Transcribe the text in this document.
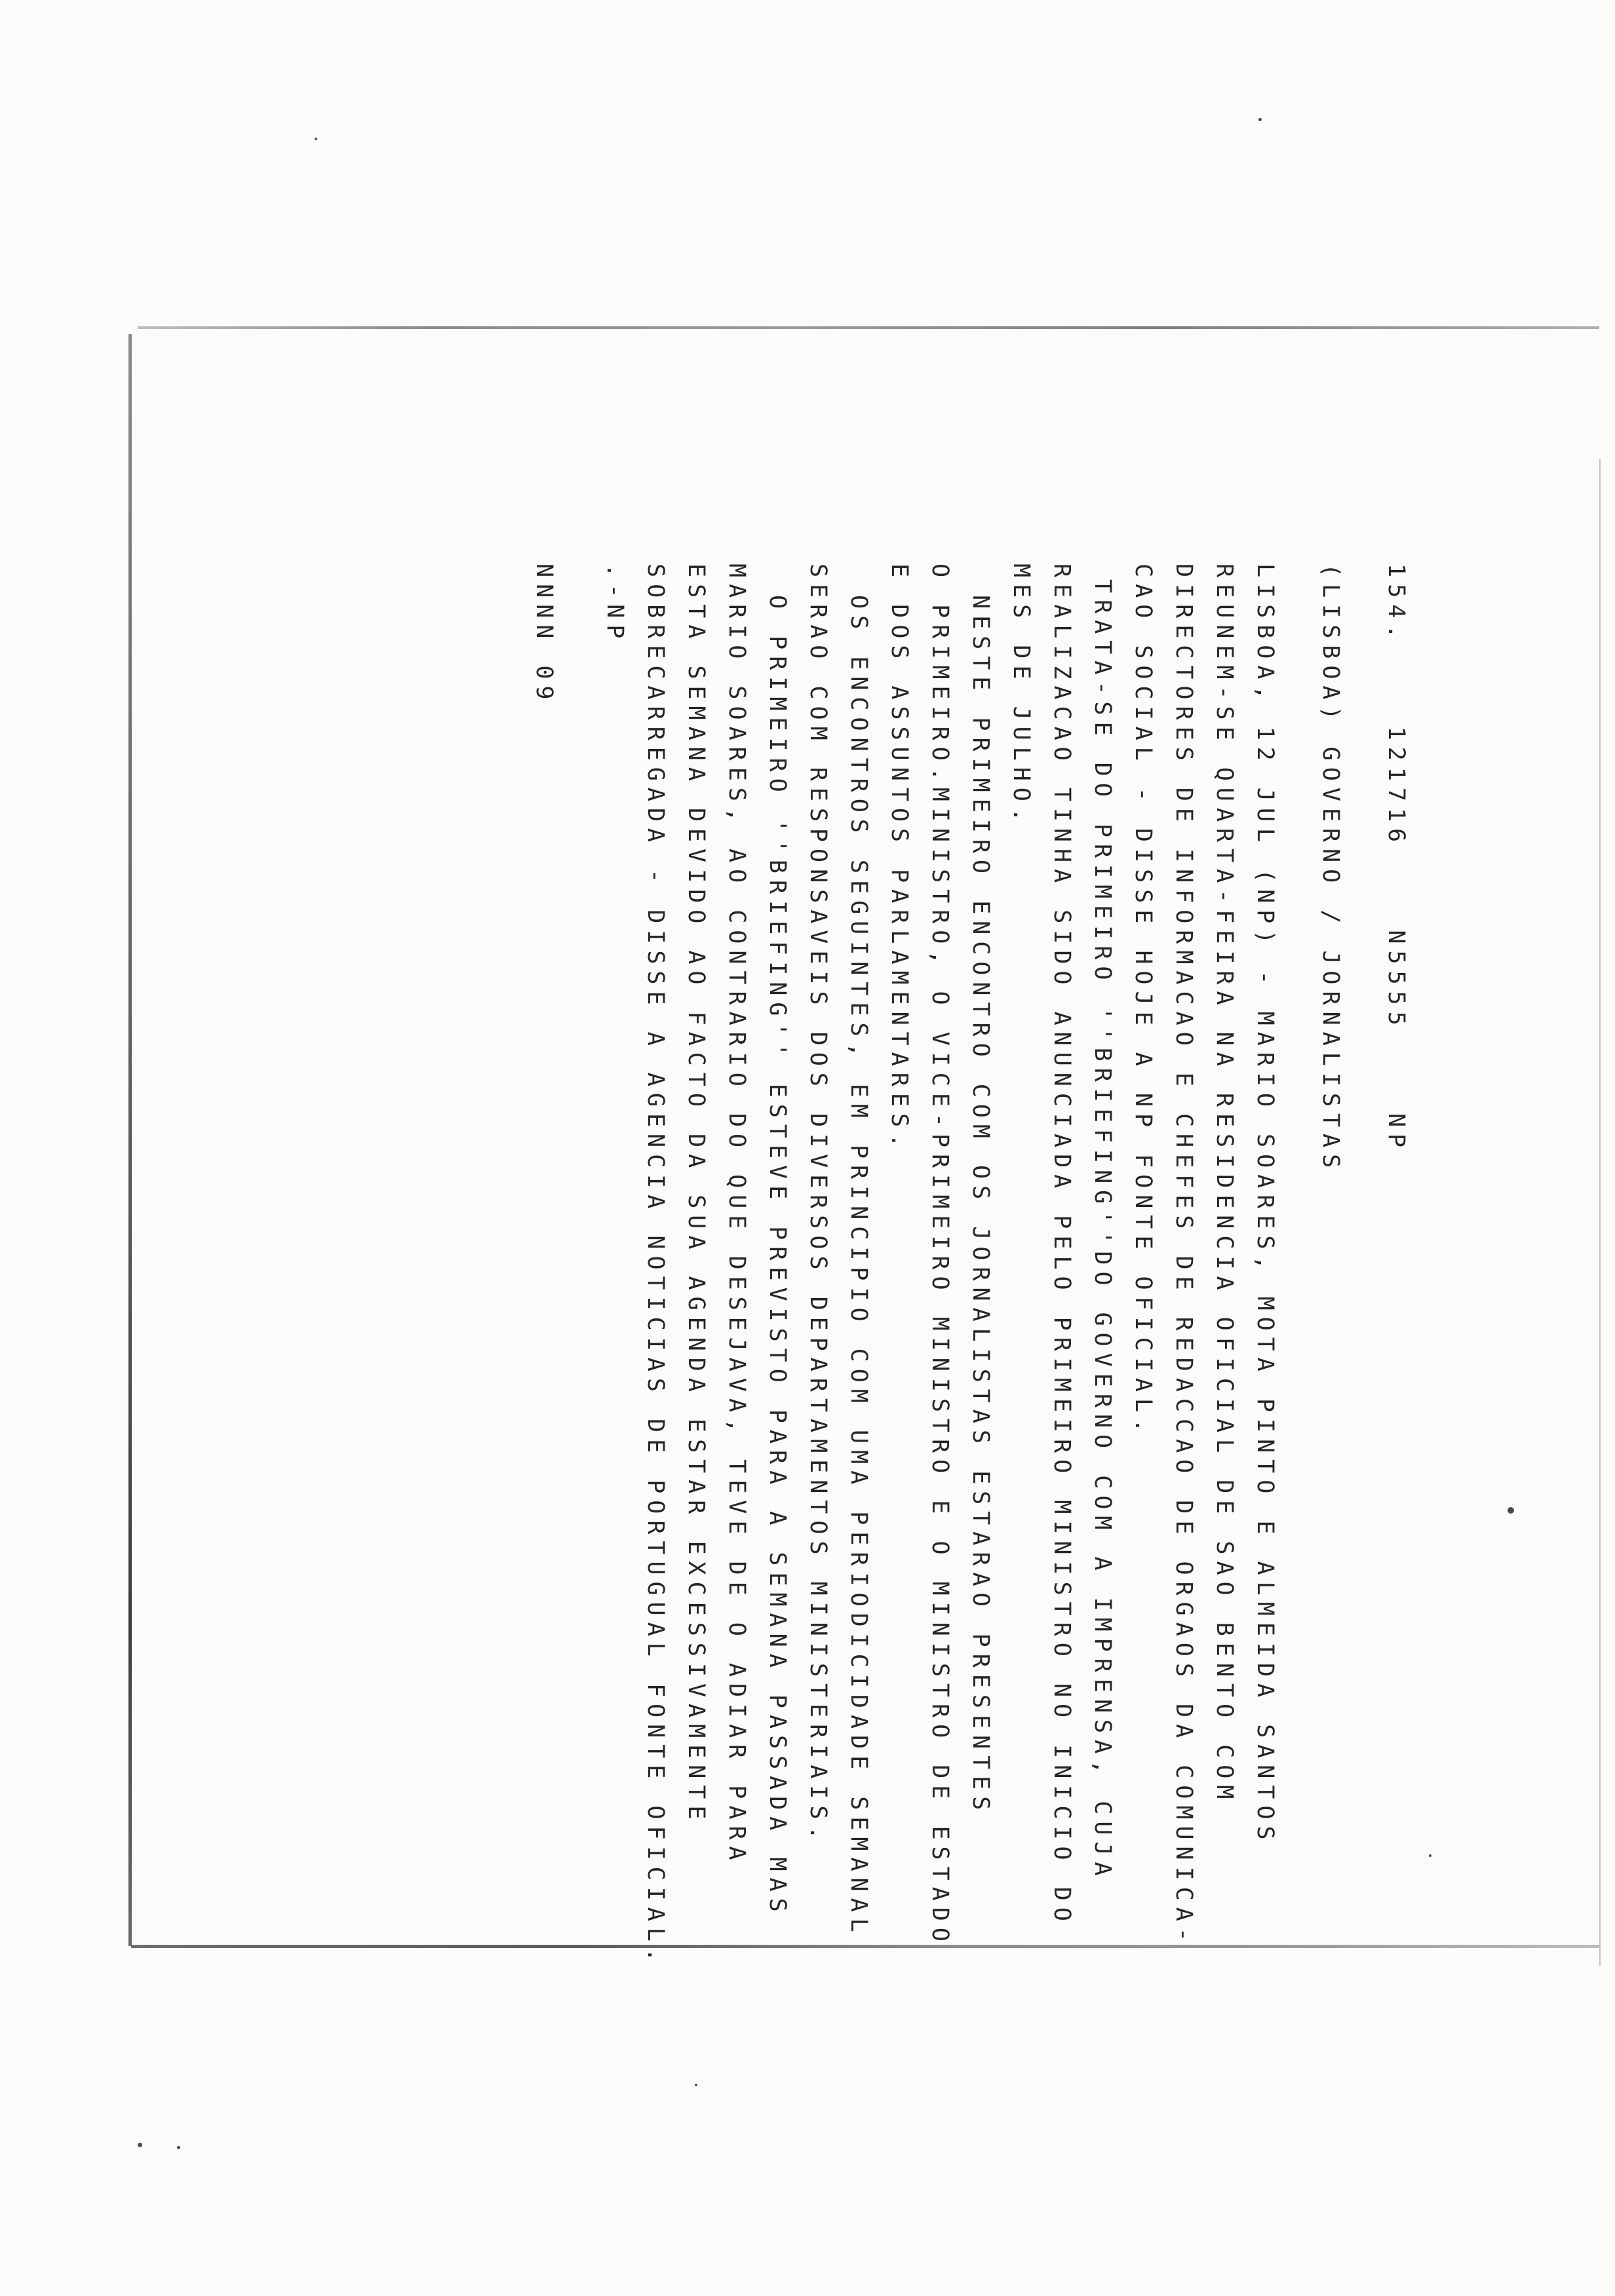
154.    121716    N5555    NP
(LISBOA) GOVERNO / JORNALISTAS
LISBOA, 12 JUL (NP) - MARIO SOARES, MOTA PINTO E ALMEIDA SANTOS
REUNEM-SE QUARTA-FEIRA NA RESIDENCIA OFICIAL DE SAO BENTO COM
DIRECTORES DE INFORMACAO E CHEFES DE REDACCAO DE ORGAOS DA COMUNICA-
CAO SOCIAL - DISSE HOJE A NP FONTE OFICIAL.
TRATA-SE DO PRIMEIRO ''BRIEFING''DO GOVERNO COM A IMPRENSA, CUJA
REALIZACAO TINHA SIDO ANUNCIADA PELO PRIMEIRO MINISTRO NO INICIO DO
MES DE JULHO.
NESTE PRIMEIRO ENCONTRO COM OS JORNALISTAS ESTARAO PRESENTES
O PRIMEIRO.MINISTRO, O VICE-PRIMEIRO MINISTRO E O MINISTRO DE ESTADO
E DOS ASSUNTOS PARLAMENTARES.
OS ENCONTROS SEGUINTES, EM PRINCIPIO COM UMA PERIODICIDADE SEMANAL
SERAO COM RESPONSAVEIS DOS DIVERSOS DEPARTAMENTOS MINISTERIAIS.
O PRIMEIRO ''BRIEFING'' ESTEVE PREVISTO PARA A SEMANA PASSADA MAS
MARIO SOARES, AO CONTRARIO DO QUE DESEJAVA, TEVE DE O ADIAR PARA
ESTA SEMANA DEVIDO AO FACTO DA SUA AGENDA ESTAR EXCESSIVAMENTE
SOBRECARREGADA - DISSE A AGENCIA NOTICIAS DE PORTUGUAL FONTE OFICIAL.
.-NP
NNNN 09
